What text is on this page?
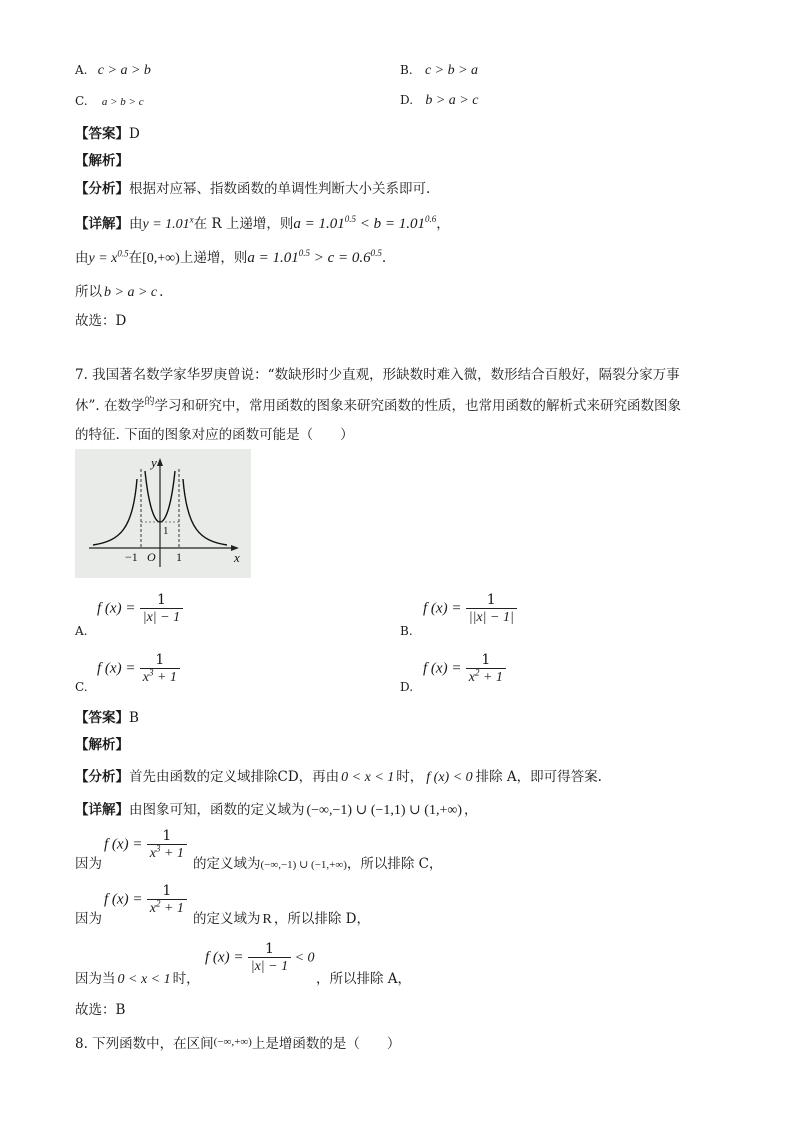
A. c > a > b	B. c > b > a
C. a > b > c	D. b > a > c
【答案】D
【解析】
【分析】根据对应幂、指数函数的单调性判断大小关系即可.
【详解】由$y = 1.01^x$在 R 上递增，则$a = 1.01^{0.5} < b = 1.01^{0.6}$，
由$y = x^{0.5}$在[0,+∞)上递增，则$a = 1.01^{0.5} > c = 0.6^{0.5}$.
所以 b > a > c .
故选：D
7. 我国著名数学家华罗庚曾说：“数缺形时少直观，形缺数时难入微，数形结合百般好，隔裂分家万事
休”. 在数学$^的$学习和研究中，常用函数的图象来研究函数的性质，也常用函数的解析式来研究函数图象
的特征. 下面的图象对应的函数可能是（　　）
y
x
O
−1	1
1
f $(x) = \frac{1}{|x| - 1}$
A.
f $(x) = \frac{1}{||x| - 1|}$
B.
f $(x) = \frac{1}{x^3 + 1}$
C.
f $(x) = \frac{1}{x^2 + 1}$
D.
【答案】B
【解析】
【分析】首先由函数的定义域排除CD，再由 0 < x < 1 时， f (x) < 0 排除 A，即可得答案.
【详解】由图象可知，函数的定义域为 (−∞,−1) ∪ (−1,1) ∪ (1,+∞) ，
因为
f $(x) = \frac{1}{x^3 + 1}$
的定义域为(−∞,−1) ∪ (−1,+∞)，所以排除 C，
因为
f $(x) = \frac{1}{x^2 + 1}$
的定义域为 R ，所以排除 D，
因为当 0 < x < 1 时，
f $(x) = \frac{1}{|x| - 1} < 0$
，所以排除 A，
故选：B
8. 下列函数中，在区间(−∞,+∞)上是增函数的是（　　）
